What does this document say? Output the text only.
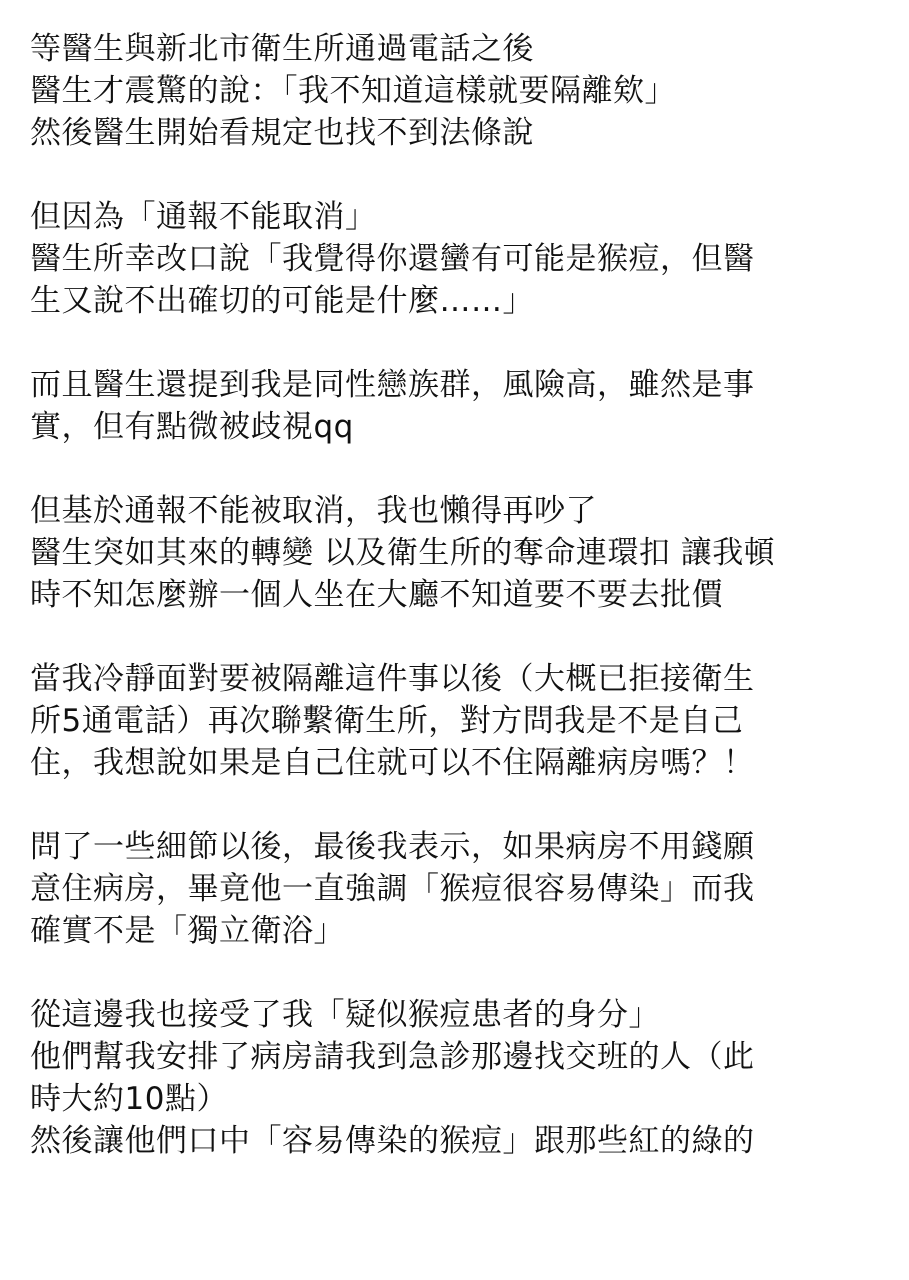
等醫生與新北市衛生所通過電話之後
醫生才震驚的說：「我不知道這樣就要隔離欸」
然後醫生開始看規定也找不到法條說
但因為「通報不能取消」
醫生所幸改口說「我覺得你還蠻有可能是猴痘，但醫
生又說不出確切的可能是什麼……」
而且醫生還提到我是同性戀族群，風險高，雖然是事
實，但有點微被歧視qq
但基於通報不能被取消，我也懶得再吵了
醫生突如其來的轉變 以及衛生所的奪命連環扣 讓我頓
時不知怎麼辦一個人坐在大廳不知道要不要去批價
當我冷靜面對要被隔離這件事以後（大概已拒接衛生
所5通電話）再次聯繫衛生所，對方問我是不是自己
住，我想說如果是自己住就可以不住隔離病房嗎？！
問了一些細節以後，最後我表示，如果病房不用錢願
意住病房，畢竟他一直強調「猴痘很容易傳染」而我
確實不是「獨立衛浴」
從這邊我也接受了我「疑似猴痘患者的身分」
他們幫我安排了病房請我到急診那邊找交班的人（此
時大約10點）
然後讓他們口中「容易傳染的猴痘」跟那些紅的綠的
